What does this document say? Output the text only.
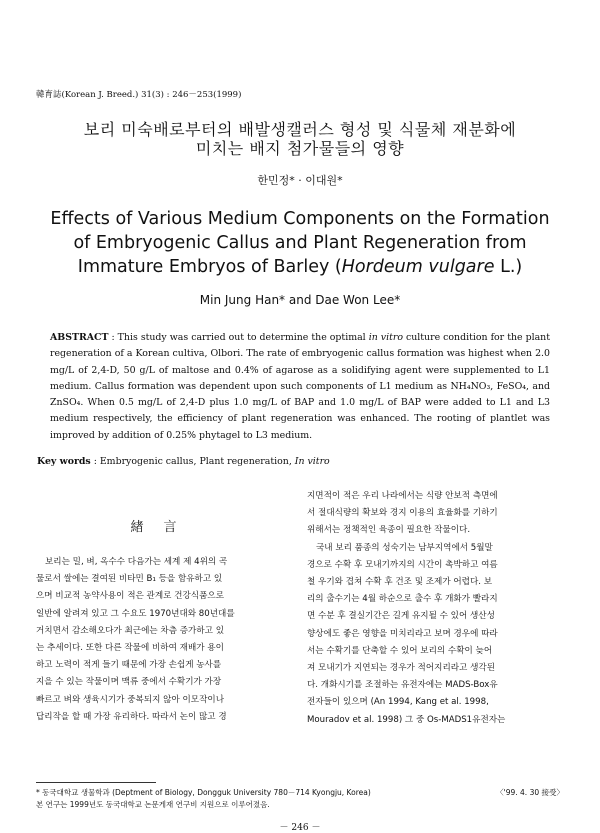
韓育誌(Korean J. Breed.) 31(3) : 246－253(1999)
보리 미숙배로부터의 배발생캘러스 형성 및 식물체 재분화에
미치는 배지 첨가물들의 영향
한민정* · 이대원*
Effects of Various Medium Components on the Formation
of Embryogenic Callus and Plant Regeneration from
Immature Embryos of Barley (Hordeum vulgare L.)
Min Jung Han* and Dae Won Lee*
ABSTRACT : This study was carried out to determine the optimal in vitro culture condition for the plant regeneration of a Korean cultiva, Olbori. The rate of embryogenic callus formation was highest when 2.0 mg/L of 2,4-D, 50 g/L of maltose and 0.4% of agarose as a solidifying agent were supplemented to L1 medium. Callus formation was dependent upon such components of L1 medium as NH₄NO₃, FeSO₄, and ZnSO₄. When 0.5 mg/L of 2,4-D plus 1.0 mg/L of BAP and 1.0 mg/L of BAP were added to L1 and L3 medium respectively, the efficiency of plant regeneration was enhanced. The rooting of plantlet was improved by addition of 0.25% phytagel to L3 medium.
Key words : Embryogenic callus, Plant regeneration, In vitro
緖言
보리는 밀, 벼, 옥수수 다음가는 세계 제 4위의 곡
물로서 쌀에는 결여된 비타민 B₁ 등을 함유하고 있
으며 비교적 농약사용이 적은 관계로 건강식품으로
일반에 알려져 있고 그 수요도 1970년대와 80년대를
거치면서 감소해오다가 최근에는 차츰 증가하고 있
는 추세이다. 또한 다른 작물에 비하여 재배가 용이
하고 노력이 적게 들기 때문에 가장 손쉽게 농사를
지을 수 있는 작물이며 맥류 중에서 수확기가 가장
빠르고 벼와 생육시기가 중복되지 않아 이모작이나
답리작을 할 때 가장 유리하다. 따라서 논이 많고 경
지면적이 적은 우리 나라에서는 식량 안보적 측면에
서 절대식량의 확보와 경지 이용의 효율화를 기하기
위해서는 정책적인 육종이 필요한 작물이다.
국내 보리 품종의 성숙기는 남부지역에서 5월말
경으로 수확 후 모내기까지의 시간이 촉박하고 여름
철 우기와 겹쳐 수확 후 건조 및 조제가 어렵다. 보
리의 출수기는 4월 하순으로 출수 후 개화가 빨라지
면 수분 후 결실기간은 길게 유지될 수 있어 생산성
향상에도 좋은 영향을 미치리라고 보며 경우에 따라
서는 수확기를 단축할 수 있어 보리의 수확이 늦어
져 모내기가 지연되는 경우가 적어지리라고 생각된
다. 개화시기를 조절하는 유전자에는 MADS-Box유
전자들이 있으며 (An 1994, Kang et al. 1998,
Mouradov et al. 1998) 그 중 Os-MADS1유전자는
* 동국대학교 생물학과 (Deptment of Biology, Dongguk University 780－714 Kyongju, Korea)
본 연구는 1999년도 동국대학교 논문게재 연구비 지원으로 이루어졌음.
〈'99. 4. 30 接受〉
－ 246 －
